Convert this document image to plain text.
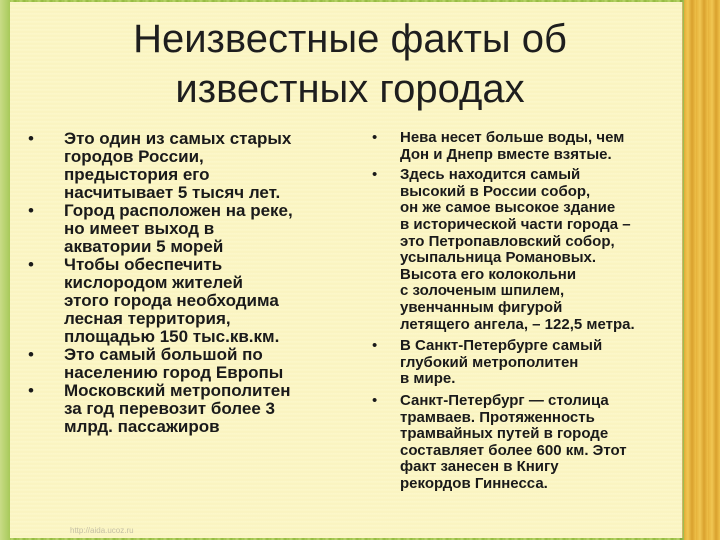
Неизвестные факты об
известных городах
• Это один из самых старых
городов России,
предыстория его
насчитывает 5 тысяч лет.
• Город расположен на реке,
но имеет выход в
акватории 5 морей
• Чтобы обеспечить
кислородом жителей
этого города необходима
лесная территория,
площадью 150 тыс.кв.км.
• Это самый большой по
населению город Европы
• Московский метрополитен
за год перевозит более 3
млрд. пассажиров
• Нева несет больше воды, чем
Дон и Днепр вместе взятые.
• Здесь находится самый
высокий в России собор,
он же самое высокое здание
в исторической части города –
это Петропавловский собор,
усыпальница Романовых.
Высота его колокольни
с золоченым шпилем,
увенчанным фигурой
летящего ангела, – 122,5 метра.
• В Санкт-Петербурге самый
глубокий метрополитен
в мире.
• Санкт-Петербург — столица
трамваев. Протяженность
трамвайных путей в городе
составляет более 600 км. Этот
факт занесен в Книгу
рекордов Гиннесса.
http://aida.ucoz.ru
